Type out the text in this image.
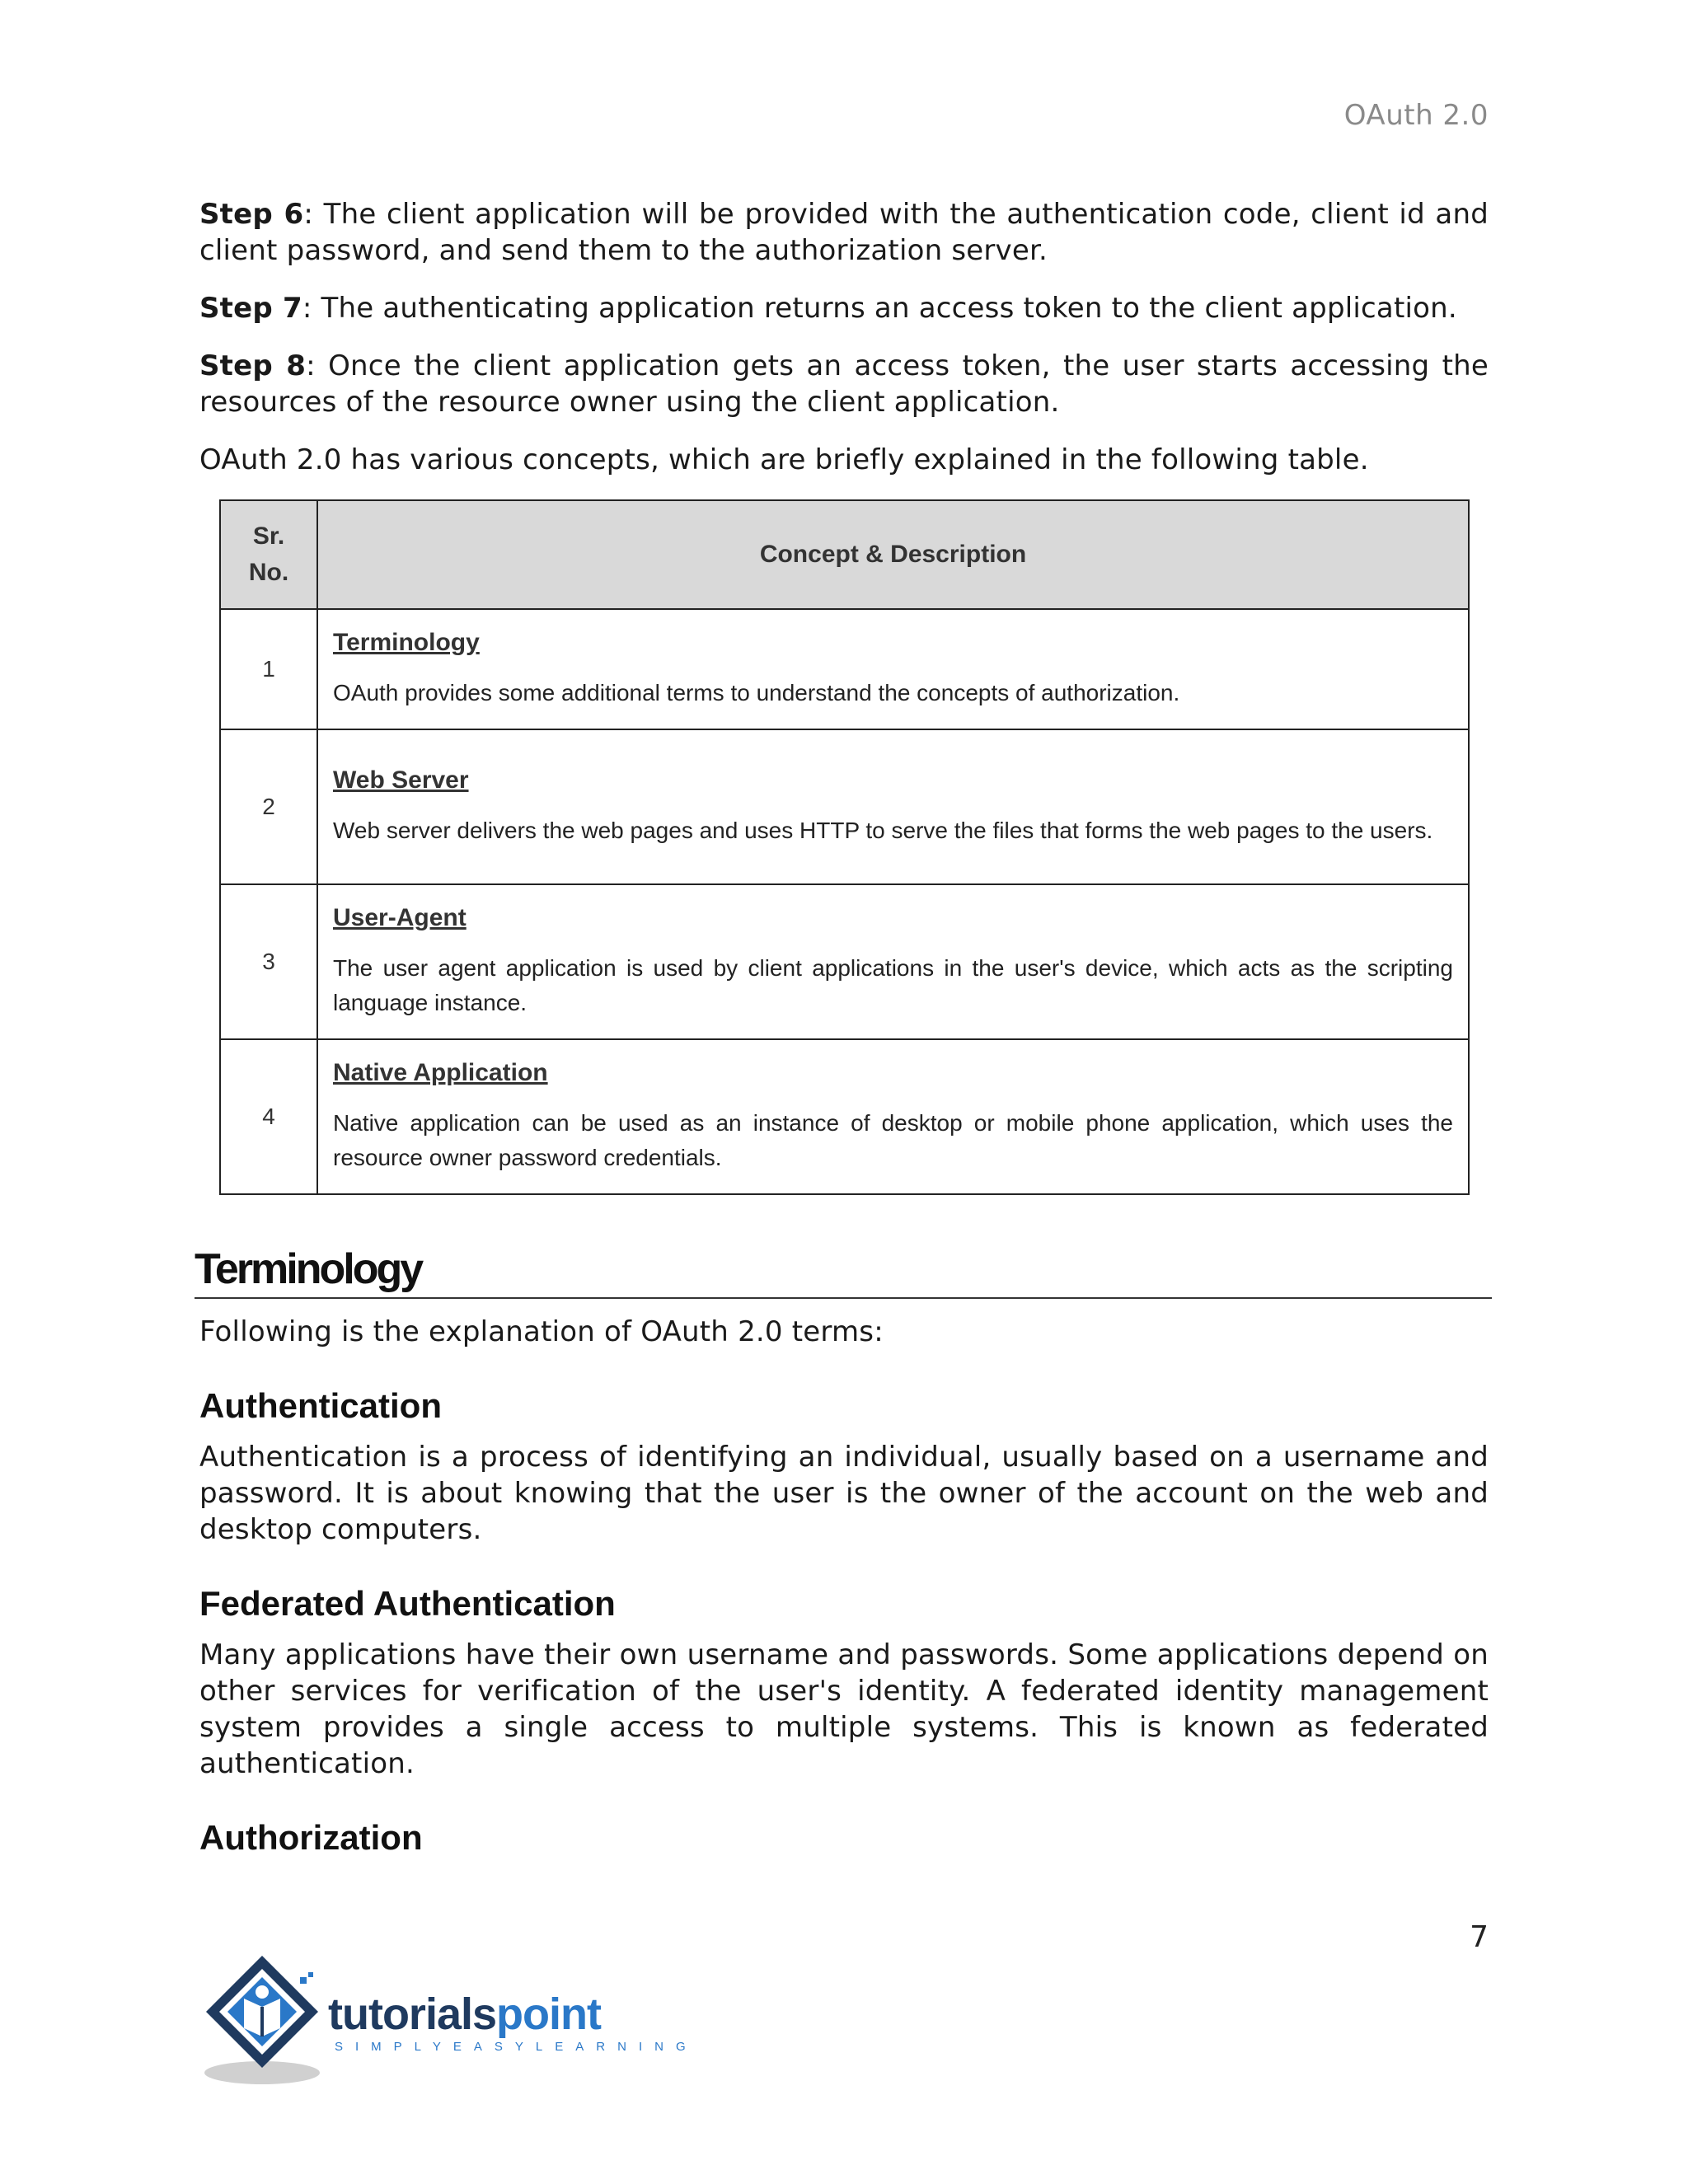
OAuth 2.0

Step 6: The client application will be provided with the authentication code, client id and client password, and send them to the authorization server.

Step 7: The authenticating application returns an access token to the client application.

Step 8: Once the client application gets an access token, the user starts accessing the resources of the resource owner using the client application.

OAuth 2.0 has various concepts, which are briefly explained in the following table.

Sr.
No.	Concept & Description
1	Terminology
OAuth provides some additional terms to understand the concepts of authorization.

2	Web Server
Web server delivers the web pages and uses HTTP to serve the files that forms the web pages to the users.

3	User-Agent
The user agent application is used by client applications in the user's device, which acts as the scripting language instance.

4	Native Application
Native application can be used as an instance of desktop or mobile phone application, which uses the resource owner password credentials.
Terminology

Following is the explanation of OAuth 2.0 terms:

Authentication

Authentication is a process of identifying an individual, usually based on a username and password. It is about knowing that the user is the owner of the account on the web and desktop computers.

Federated Authentication

Many applications have their own username and passwords. Some applications depend on other services for verification of the user's identity. A federated identity management system provides a single access to multiple systems. This is known as federated authentication.

Authorization
7
tutorialspoint
SIMPLYEASYLEARNING
